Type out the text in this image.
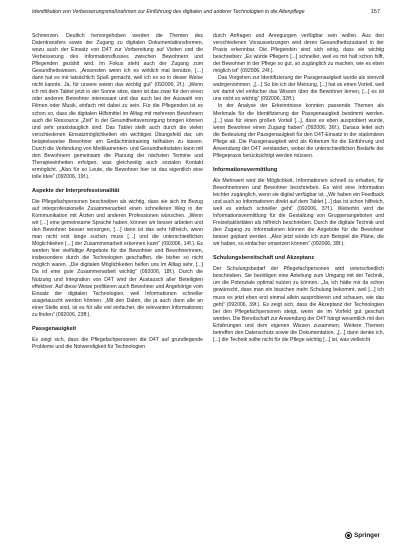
Identifikation von Verbesserungsmaßnahmen zur Einführung des digitalen und anderer Technologien in die Altenpflege	157

Schmerzen. Deutlich hervorgehoben werden die Themen des Datentransfers sowie der Zugang zu digitalen Dokumentationsformen, wozu auch der Einsatz von D4T zur Vorbereitung auf Visiten und die Verbesserung des Informationsflusses zwischen Bewohnern und Pflegenden gezählt wird. Im Fokus steht auch der Zugang zum Gesundheitswesen. „Ansonsten wenn ich es wirklich mal benutze, […] dann hat es mir tatsächlich Spaß gemacht, weil ich es so in dieser Weise nicht kannte. Ja, für unsere waren das wichtig gut“ (092006, 2f.). „Wenn ich mit dem Tablet jetzt in der Sonne sitze, dann ist das zwar für den einen oder anderen Bewohner interessant und das auch bei der Auswahl von Filmen oder Musik, einfach mit dabei zu sein. Für die Pflegenden ist es schon so, dass die digitalen Hilfsmittel im Alltag mit mehreren Bewohnern auch die Ressource „Zeit“ in der Gesundheitsversorgung bringen können und sehr praxistauglich sind. Das Tablet stellt auch durch die vielen verschiedenen Einsatzmöglichkeiten ein wichtiges Übungsfeld dar, um beispielsweise Bewohner am Gedächtnistraining teilhaben zu lassen. Durch die Verbindung von Medikamenten- und Gesundheitsdaten kann mit den Bewohnern gemeinsam die Planung der nächsten Termine und Therapieeinheiten erfolgen, was gleichzeitig auch sozialen Kontakt ermöglicht. „Also für so Leute, die Bewohner hier ist das eigentlich eine tolle Idee“ (092006, 19f.).

Aspekte der Interprofessionalität

Die Pflegefachpersonen beschreiben als wichtig, dass sie sich im Bezug auf interprofessionelle Zusammenarbeit einen schnelleren Weg in der Kommunikation mit Ärzten und anderen Professionen wünschen. „Wenn wir […] eine gemeinsame Sprache haben, können wir besser arbeiten und den Bewohner besser versorgen, […] dann ist das sehr hilfreich, wenn man nicht erst lange suchen muss […] und die unterschiedlichen Möglichkeiten […] der Zusammenarbeit erkennen kann“ (092006, 14f.). Es werden hier vielfältige Angebote für die Bewohner und Bewohnerinnen, insbesondere durch die Technologien geschaffen, die bisher so nicht möglich waren. „Die digitalen Möglichkeiten helfen uns im Alltag sehr, [...] Da ist eine gute Zusammenarbeit wichtig“ (092006, 18f.). Durch die Nutzung und Integration von D4T wird der Austausch aller Beteiligten effektiver. Auf diese Weise profitieren auch Bewohner und Angehörige vom Einsatz der digitalen Technologien, weil Informationen schneller ausgetauscht werden können. „Mit den Daten, die ja auch dann alle an einer Stelle sind, ist es für alle viel einfacher, die relevanten Informationen zu finden“ (092006, 23ff.).

Passgenauigkeit

Es zeigt sich, dass die Pflegefachpersonen die D4T auf grundlegende Probleme und die Notwendigkeit für Technologien

durch Anfragen und Anregungen verfügbar sein wollen. Aus den verschiedenen Voraussetzungen wird deren Gesundheitszustand in der Praxis erkennbar. Die Pflegenden sind sich einig, dass sie wichtig beschreiben: „Es würde Pflegern [...] schneller, weil es mir halt schon hilft, der Bewohner in der Pflege so gut, so zugänglich zu machen, wie es eben möglich ist“ (092006, 24f.).

Das Vorgehen zur Identifizierung der Passgenauigkeit wurde als sinnvoll wahrgenommen. „[…] So bin ich der Meinung, [...] hat es einen Vorteil, weil wir damit viel einfacher das Wissen über die Bewohner lernen, [...] es ist uns nicht so wichtig“ (092006, 32ff.).

In der Analyse der Erkenntnisse konnten passende Themen als Merkmale für die Identifizierung der Passgenauigkeit bestimmt werden. „[...] was für einen großen Vorteil [...], dass es eben ausprobiert wurde, wenn Bewohner einen Zugang haben“ (092006, 36f.). Daraus leitet sich die Bedeutung der Passgenauigkeit für den D4T-Einsatz in der stationären Pflege ab. Die Passgenauigkeit wird als Kriterium für die Einführung und Anwendung der D4T verstanden, wobei die unterschiedlichen Bedarfe der Pflegepraxis berücksichtigt werden müssen.

Informationsvermittlung

Als Mehrwert wird die Möglichkeit, Informationen schnell zu erhalten, für Bewohnerinnen und Bewohner beschrieben. Es wird eine Information leichter zugänglich, wenn sie digital verfügbar ist. „Wir haben ein Feedback und auch so Informationen direkt auf dem Tablet [...] das ist schon hilfreich, weil es einfach schneller geht“ (092006, 37f.). Weiterhin wird die Informationsvermittlung für die Gestaltung von Gruppenangeboten und Freizeitaktivitäten als hilfreich beschrieben. Durch die digitale Technik und den Zugang zu Informationen können die Angebote für die Bewohner besser geplant werden. „Also jetzt würde ich zum Beispiel die Pläne, die wir haben, so einfacher umsetzen können“ (092006, 38f.).

Schulungsbereitschaft und Akzeptanz

Der Schulungsbedarf der Pflegefachpersonen wird unterschiedlich beschrieben. Sie benötigen eine Anleitung zum Umgang mit der Technik, um die Potenziale optimal nutzen zu können. „Ja, ich hätte mir da schon gewünscht, dass man ein bisschen mehr Schulung bekommt, weil [...] ich muss es jetzt eben erst einmal allein ausprobieren und schauen, wie das geht“ (092006, 39f.). Es zeigt sich, dass die Akzeptanz der Technologien bei den Pflegefachpersonen steigt, wenn sie im Vorfeld gut geschult werden. Die Bereitschaft zur Anwendung der D4T hängt wesentlich mit den Erfahrungen und dem eigenen Wissen zusammen. Weitere Themen betreffen den Datenschutz sowie die Dokumentation. „[...] dann denke ich, [...] die Technik sollte nicht für die Pflege wichtig [...] ist, was vielleicht

Springer
